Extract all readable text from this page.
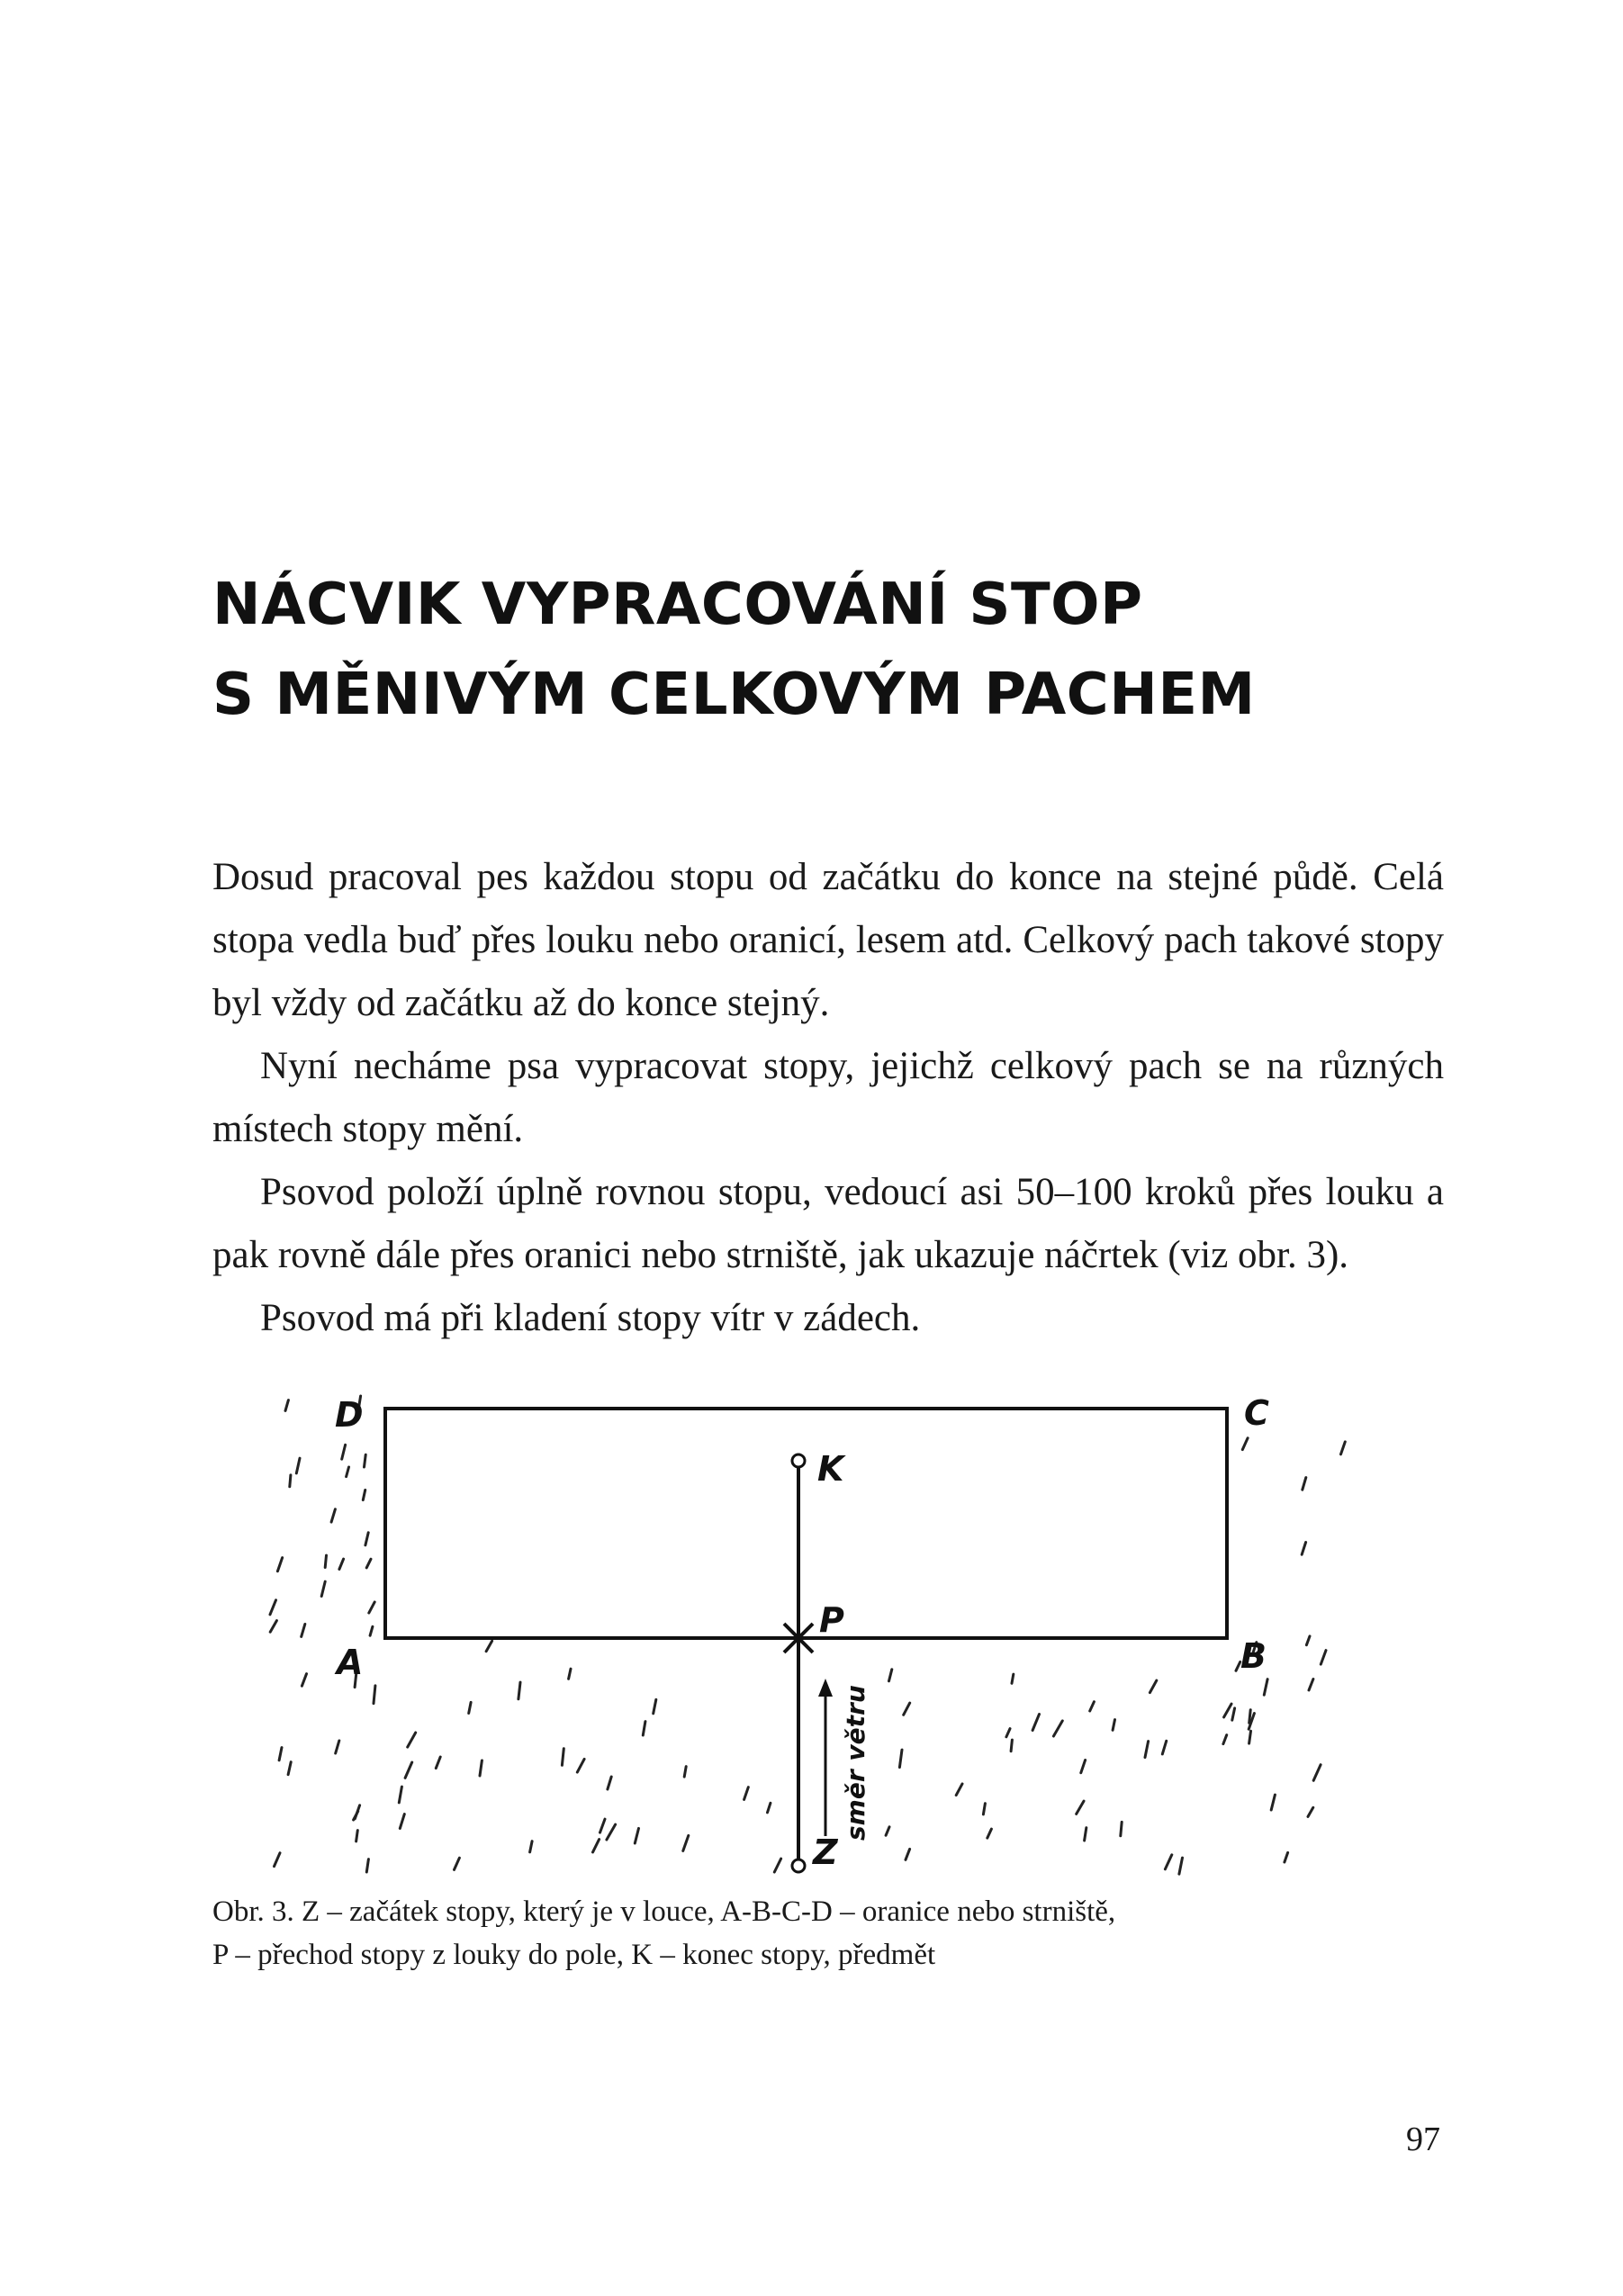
NÁCVIK VYPRACOVÁNÍ STOP
S MĚNIVÝM CELKOVÝM PACHEM

Dosud pracoval pes každou stopu od začátku do konce na stejné půdě. Celá stopa vedla buď přes louku nebo oranicí, lesem atd. Celkový pach takové stopy byl vždy od začátku až do konce stejný.

Nyní necháme psa vypracovat stopy, jejichž celkový pach se na různých místech stopy mění.

Psovod položí úplně rovnou stopu, vedoucí asi 50–100 kroků přes louku a pak rovně dále přes oranici nebo strniště, jak ukazuje náčrtek (viz obr. 3).

Psovod má při kladení stopy vítr v zádech.

směr větru
D	C
A	B
K
P
Z
Obr. 3. Z – začátek stopy, který je v louce, A-B-C-D – oranice nebo strniště,
P – přechod stopy z louky do pole, K – konec stopy, předmět
97
